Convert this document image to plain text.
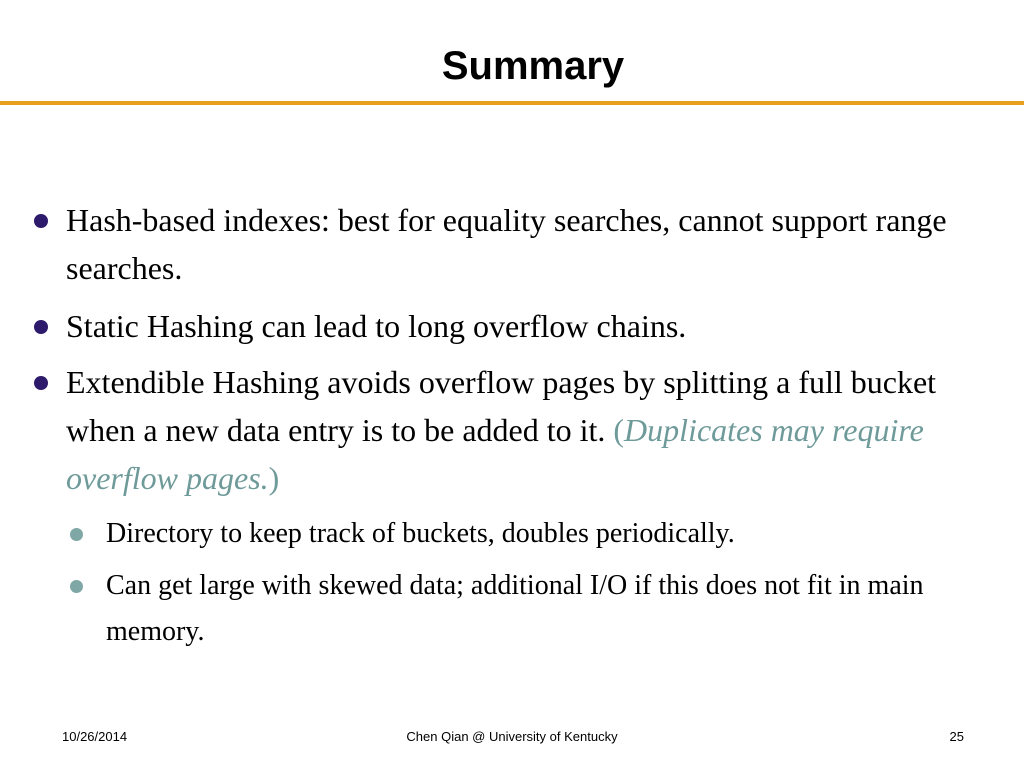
Summary
Hash-based indexes: best for equality searches, cannot support range searches.
Static Hashing can lead to long overflow chains.
Extendible Hashing avoids overflow pages by splitting a full bucket when a new data entry is to be added to it. (Duplicates may require overflow pages.)
Directory to keep track of buckets, doubles periodically.
Can get large with skewed data; additional I/O if this does not fit in main memory.
10/26/2014	Chen Qian @ University of Kentucky	25
